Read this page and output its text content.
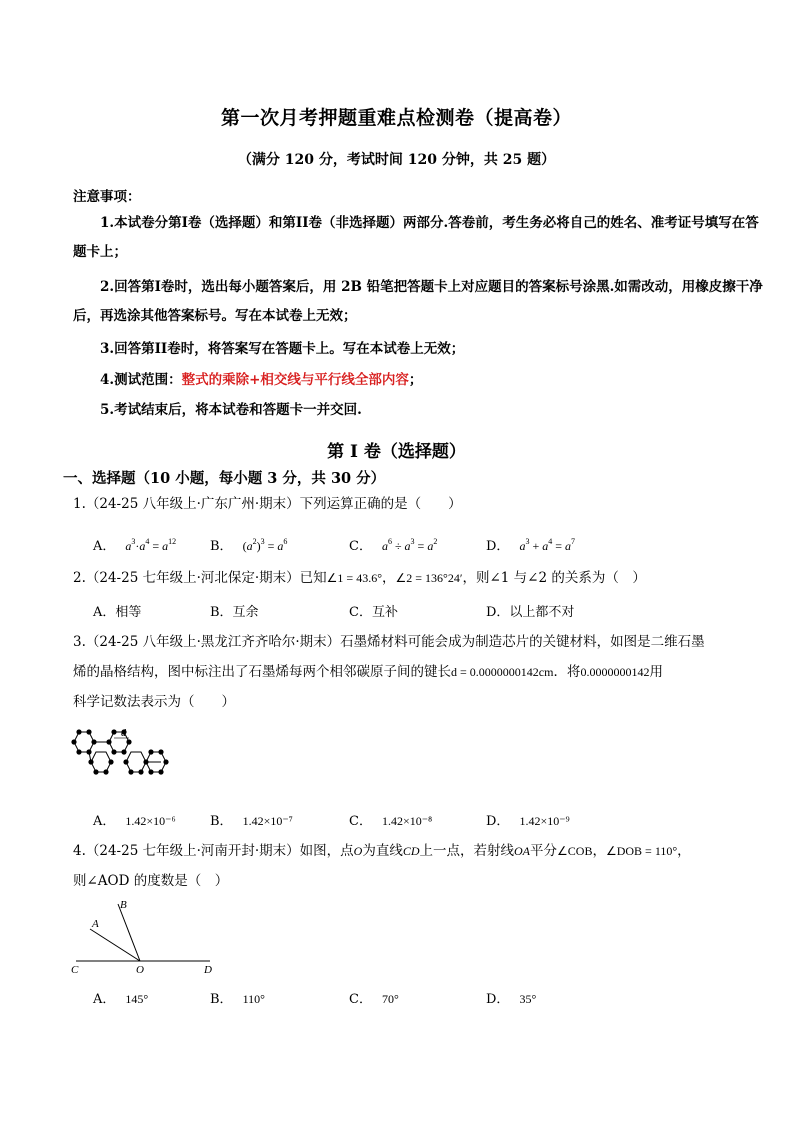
第一次月考押题重难点检测卷（提高卷）
（满分 120 分，考试时间 120 分钟，共 25 题）
注意事项：
1.本试卷分第I卷（选择题）和第II卷（非选择题）两部分.答卷前，考生务必将自己的姓名、准考证号填写在答题卡上；
2.回答第I卷时，选出每小题答案后，用 2B 铅笔把答题卡上对应题目的答案标号涂黑.如需改动，用橡皮擦干净后，再选涂其他答案标号。写在本试卷上无效；
3.回答第II卷时，将答案写在答题卡上。写在本试卷上无效；
4.测试范围：整式的乘除+相交线与平行线全部内容；
5.考试结束后，将本试卷和答题卡一并交回.
第 I 卷（选择题）
一、选择题（10 小题，每小题 3 分，共 30 分）
1.（24-25 八年级上·广东广州·期末）下列运算正确的是（　　）
A． $a^3\cdot a^4 = a^{12}$	B． $(a^2)^3 = a^6$	C． $a^6 \div a^3 = a^2$	D． $a^3 + a^4 = a^7$
2.（24-25 七年级上·河北保定·期末）已知∠1 = 43.6°，∠2 = 136°24′，则∠1 与∠2 的关系为（　）
A．相等	B．互余	C．互补	D．以上都不对
3.（24-25 八年级上·黑龙江齐齐哈尔·期末）石墨烯材料可能会成为制造芯片的关键材料，如图是二维石墨
烯的晶格结构，图中标注出了石墨烯每两个相邻碳原子间的键长d = 0.0000000142cm．将0.0000000142用
科学记数法表示为（　　）
d
A． 1.42×10⁻⁶	B． 1.42×10⁻⁷	C． 1.42×10⁻⁸	D． 1.42×10⁻⁹
4.（24-25 七年级上·河南开封·期末）如图，点O为直线CD上一点，若射线OA平分∠COB，∠DOB = 110°，
则∠AOD 的度数是（　）
B
A
C	O	D
A． 145°	B． 110°	C． 70°	D． 35°
